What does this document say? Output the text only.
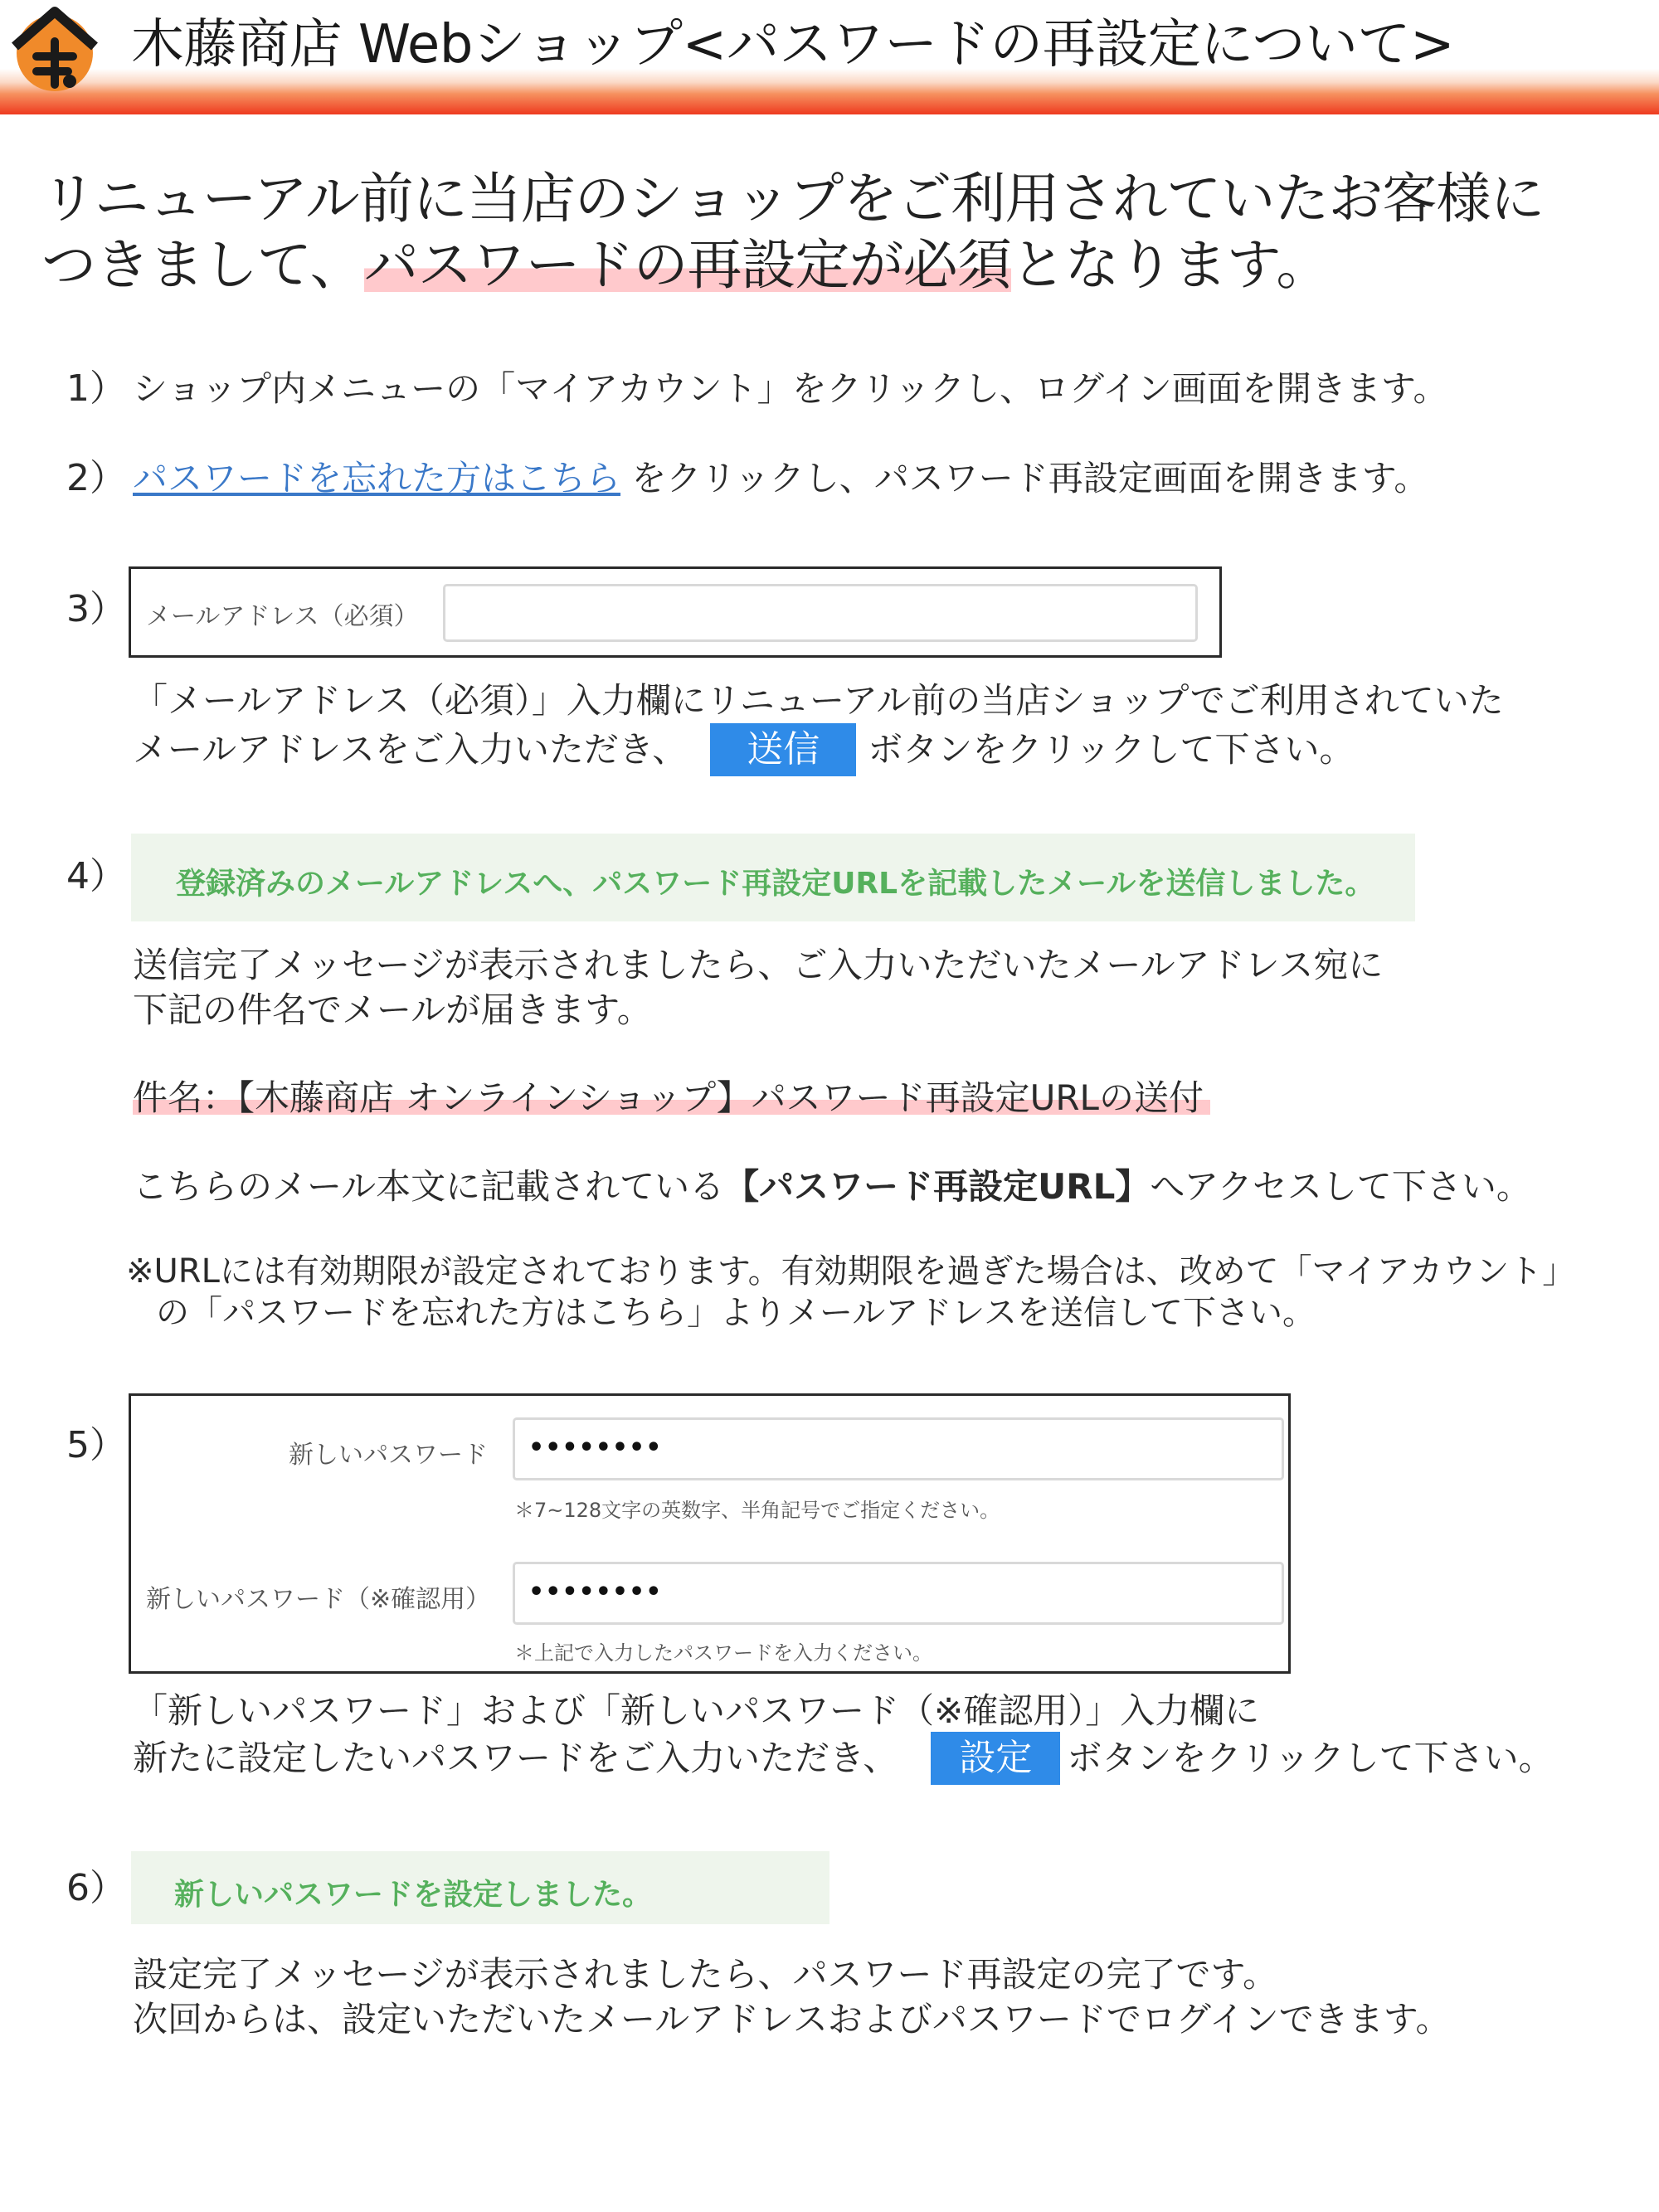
木藤商店 Webショップ<パスワードの再設定について>
リニューアル前に当店のショップをご利用されていたお客様に
つきまして、パスワードの再設定が必須となります。
1） ショップ内メニューの「マイアカウント」をクリックし、ログイン画面を開きます。
2） パスワードを忘れた方はこちら をクリックし、パスワード再設定画面を開きます。
3） メールアドレス（必須）
「メールアドレス（必須）」入力欄にリニューアル前の当店ショップでご利用されていた
メールアドレスをご入力いただき、	送信	ボタンをクリックして下さい。
4） 登録済みのメールアドレスへ、パスワード再設定URLを記載したメールを送信しました。
送信完了メッセージが表示されましたら、ご入力いただいたメールアドレス宛に
下記の件名でメールが届きます。
件名：【木藤商店 オンラインショップ】パスワード再設定URLの送付
こちらのメール本文に記載されている【パスワード再設定URL】へアクセスして下さい。
※URLには有効期限が設定されております。有効期限を過ぎた場合は、改めて「マイアカウント」
の「パスワードを忘れた方はこちら」よりメールアドレスを送信して下さい。
5）	新しいパスワード ••••••••
＊7~128文字の英数字、半角記号でご指定ください。
新しいパスワード（※確認用） ••••••••
＊上記で入力したパスワードを入力ください。
「新しいパスワード」および「新しいパスワード（※確認用）」入力欄に
新たに設定したいパスワードをご入力いただき、	設定	ボタンをクリックして下さい。
6） 新しいパスワードを設定しました。
設定完了メッセージが表示されましたら、パスワード再設定の完了です。
次回からは、設定いただいたメールアドレスおよびパスワードでログインできます。
